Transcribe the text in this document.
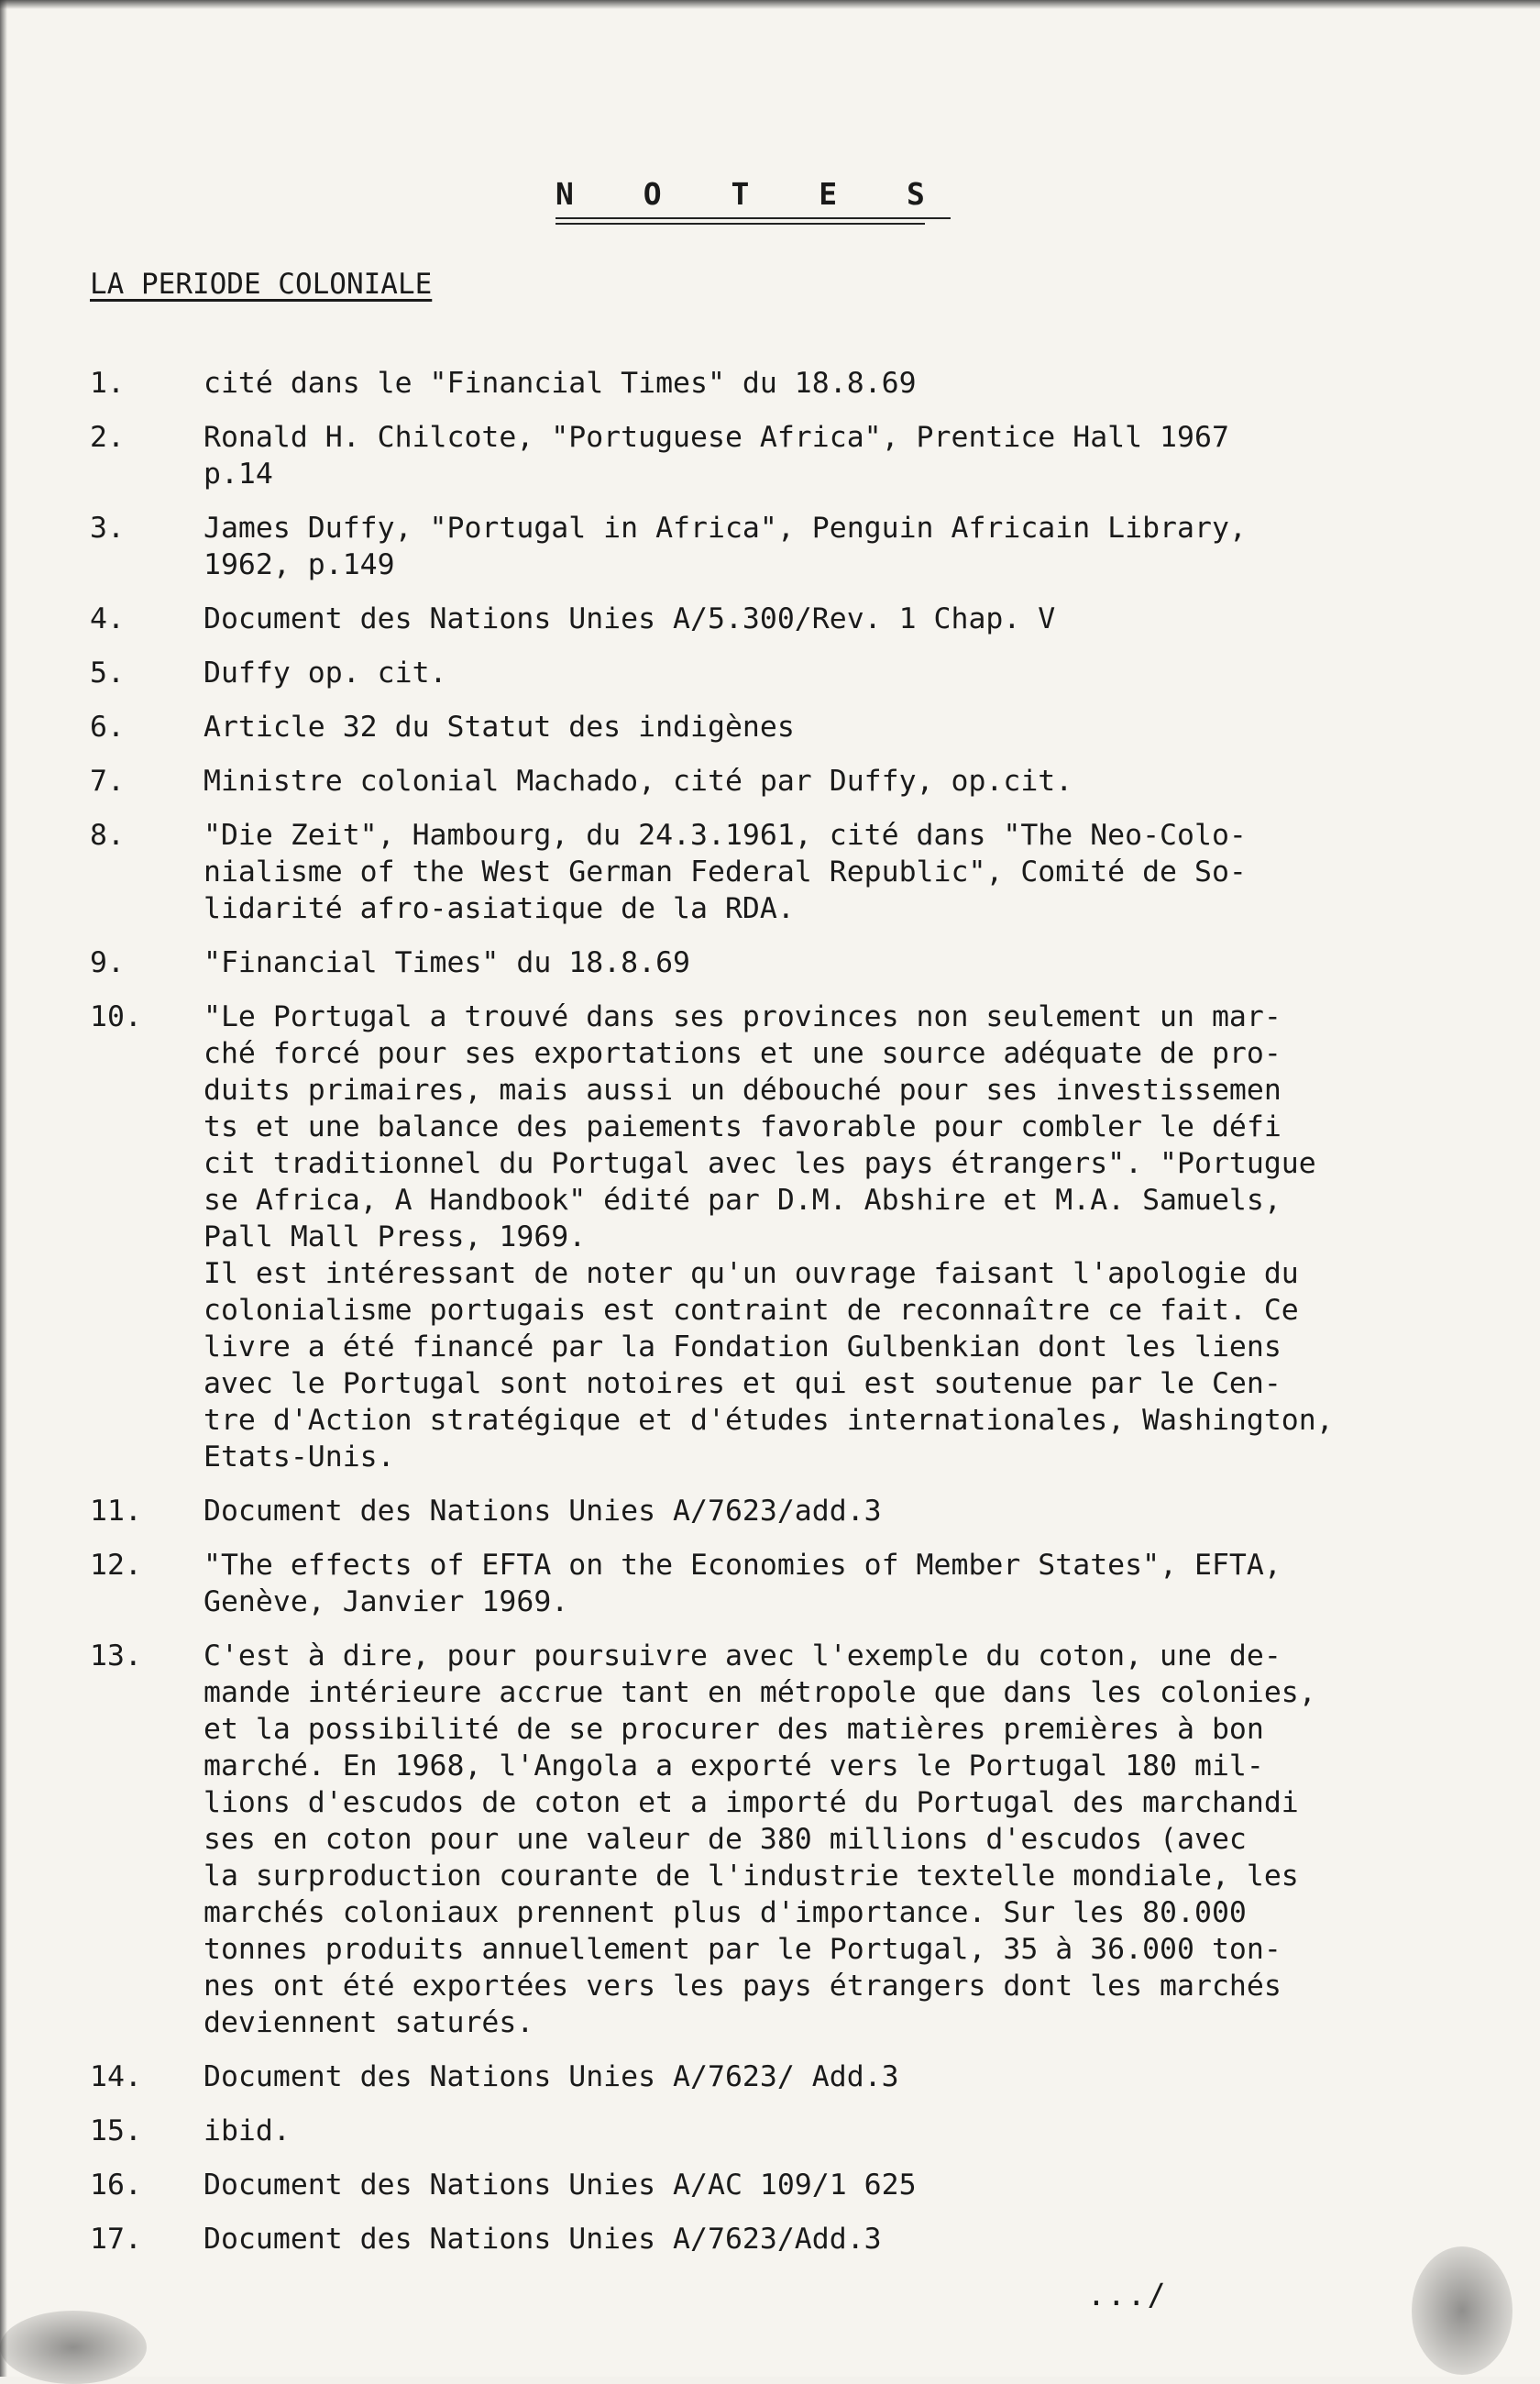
N O T E S
LA PERIODE COLONIALE
1.	cité dans le "Financial Times" du 18.8.69
2.	Ronald H. Chilcote, "Portuguese Africa", Prentice Hall 1967
p.14
3.	James Duffy, "Portugal in Africa", Penguin Africain Library,
1962, p.149
4.	Document des Nations Unies A/5.300/Rev. 1 Chap. V
5.	Duffy op. cit.
6.	Article 32 du Statut des indigènes
7.	Ministre colonial Machado, cité par Duffy, op.cit.
8.	"Die Zeit", Hambourg, du 24.3.1961, cité dans "The Neo-Colo-
nialisme of the West German Federal Republic", Comité de So-
lidarité afro-asiatique de la RDA.
9.	"Financial Times" du 18.8.69
10.	"Le Portugal a trouvé dans ses provinces non seulement un mar-
ché forcé pour ses exportations et une source adéquate de pro-
duits primaires, mais aussi un débouché pour ses investissemen
ts et une balance des paiements favorable pour combler le défi
cit traditionnel du Portugal avec les pays étrangers". "Portugue
se Africa, A Handbook" édité par D.M. Abshire et M.A. Samuels,
Pall Mall Press, 1969.
Il est intéressant de noter qu'un ouvrage faisant l'apologie du
colonialisme portugais est contraint de reconnaître ce fait. Ce
livre a été financé par la Fondation Gulbenkian dont les liens
avec le Portugal sont notoires et qui est soutenue par le Cen-
tre d'Action stratégique et d'études internationales, Washington,
Etats-Unis.
11.	Document des Nations Unies A/7623/add.3
12.	"The effects of EFTA on the Economies of Member States", EFTA,
Genève, Janvier 1969.
13.	C'est à dire, pour poursuivre avec l'exemple du coton, une de-
mande intérieure accrue tant en métropole que dans les colonies,
et la possibilité de se procurer des matières premières à bon
marché. En 1968, l'Angola a exporté vers le Portugal 180 mil-
lions d'escudos de coton et a importé du Portugal des marchandi
ses en coton pour une valeur de 380 millions d'escudos (avec
la surproduction courante de l'industrie textelle mondiale, les
marchés coloniaux prennent plus d'importance. Sur les 80.000
tonnes produits annuellement par le Portugal, 35 à 36.000 ton-
nes ont été exportées vers les pays étrangers dont les marchés
deviennent saturés.
14.	Document des Nations Unies A/7623/ Add.3
15.	ibid.
16.	Document des Nations Unies A/AC 109/1 625
17.	Document des Nations Unies A/7623/Add.3
.../
